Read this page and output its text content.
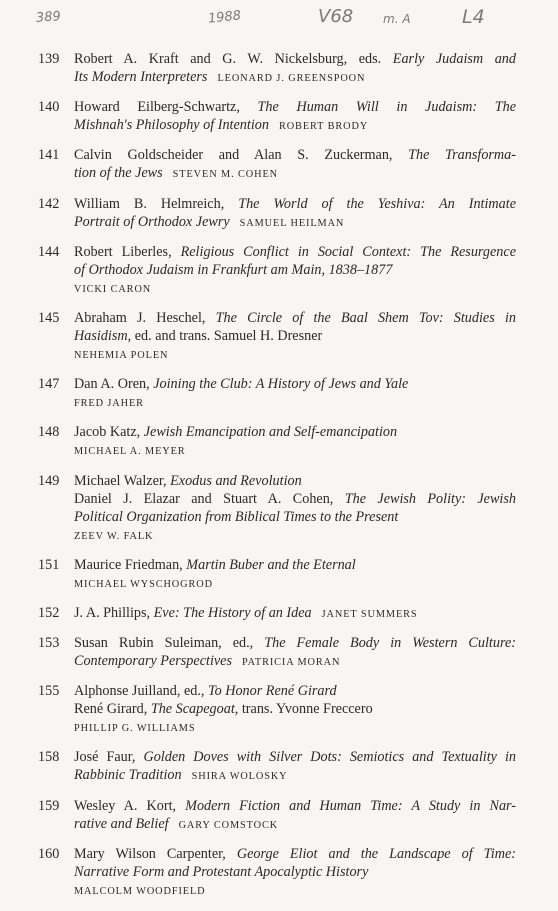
389	1988	V68 m. A	L4
139	Robert A. Kraft and G. W. Nickelsburg, eds. Early Judaism and
Its Modern Interpreters LEONARD J. GREENSPOON
140	Howard Eilberg-Schwartz, The Human Will in Judaism: The
Mishnah's Philosophy of Intention ROBERT BRODY
141	Calvin Goldscheider and Alan S. Zuckerman, The Transforma-
tion of the Jews STEVEN M. COHEN
142	William B. Helmreich, The World of the Yeshiva: An Intimate
Portrait of Orthodox Jewry SAMUEL HEILMAN
144	Robert Liberles, Religious Conflict in Social Context: The Resurgence
of Orthodox Judaism in Frankfurt am Main, 1838–1877
VICKI CARON
145	Abraham J. Heschel, The Circle of the Baal Shem Tov: Studies in
Hasidism, ed. and trans. Samuel H. Dresner
NEHEMIA POLEN
147	Dan A. Oren, Joining the Club: A History of Jews and Yale
FRED JAHER
148	Jacob Katz, Jewish Emancipation and Self-emancipation
MICHAEL A. MEYER
149	Michael Walzer, Exodus and Revolution
Daniel J. Elazar and Stuart A. Cohen, The Jewish Polity: Jewish
Political Organization from Biblical Times to the Present
ZEEV W. FALK
151	Maurice Friedman, Martin Buber and the Eternal
MICHAEL WYSCHOGROD
152	J. A. Phillips, Eve: The History of an Idea JANET SUMMERS
153	Susan Rubin Suleiman, ed., The Female Body in Western Culture:
Contemporary Perspectives PATRICIA MORAN
155	Alphonse Juilland, ed., To Honor René Girard
René Girard, The Scapegoat, trans. Yvonne Freccero
PHILLIP G. WILLIAMS
158	José Faur, Golden Doves with Silver Dots: Semiotics and Textuality in
Rabbinic Tradition SHIRA WOLOSKY
159	Wesley A. Kort, Modern Fiction and Human Time: A Study in Nar-
rative and Belief GARY COMSTOCK
160	Mary Wilson Carpenter, George Eliot and the Landscape of Time:
Narrative Form and Protestant Apocalyptic History
MALCOLM WOODFIELD
